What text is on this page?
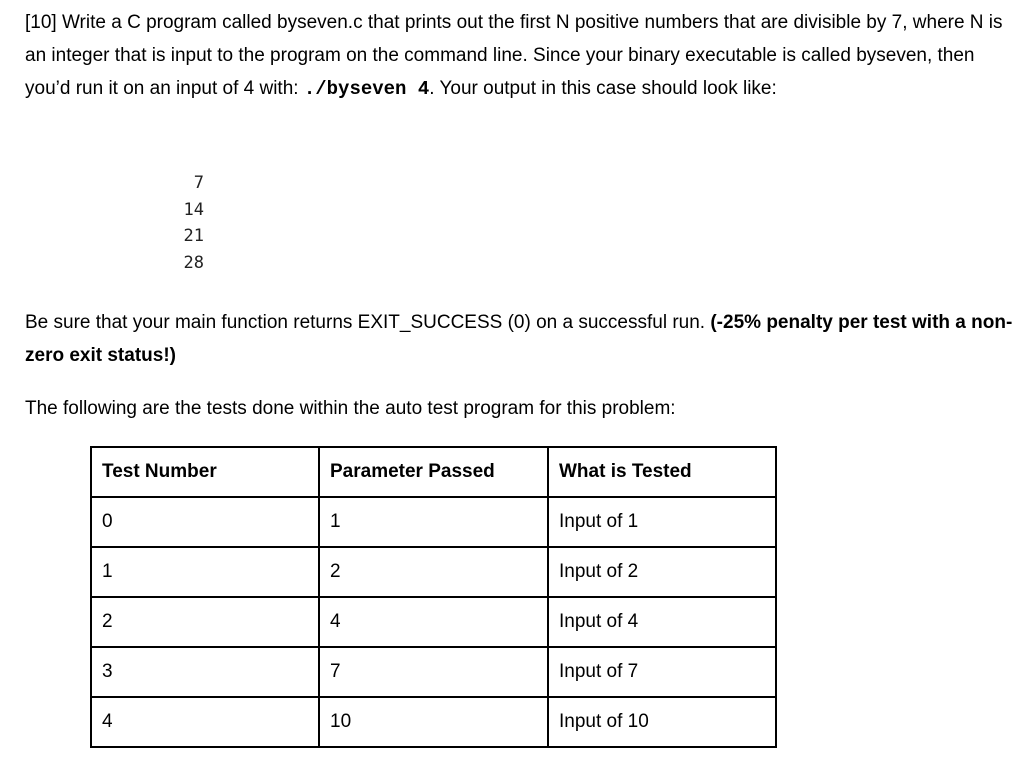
[10] Write a C program called byseven.c that prints out the first N positive numbers that are divisible by 7, where N is an integer that is input to the program on the command line. Since your binary executable is called byseven, then you’d run it on an input of 4 with: ./byseven 4. Your output in this case should look like:
7
14
21
28
Be sure that your main function returns EXIT_SUCCESS (0) on a successful run. (-25% penalty per test with a non-zero exit status!)
The following are the tests done within the auto test program for this problem:
Test Number	Parameter Passed	What is Tested
0	1	Input of 1
1	2	Input of 2
2	4	Input of 4
3	7	Input of 7
4	10	Input of 10
